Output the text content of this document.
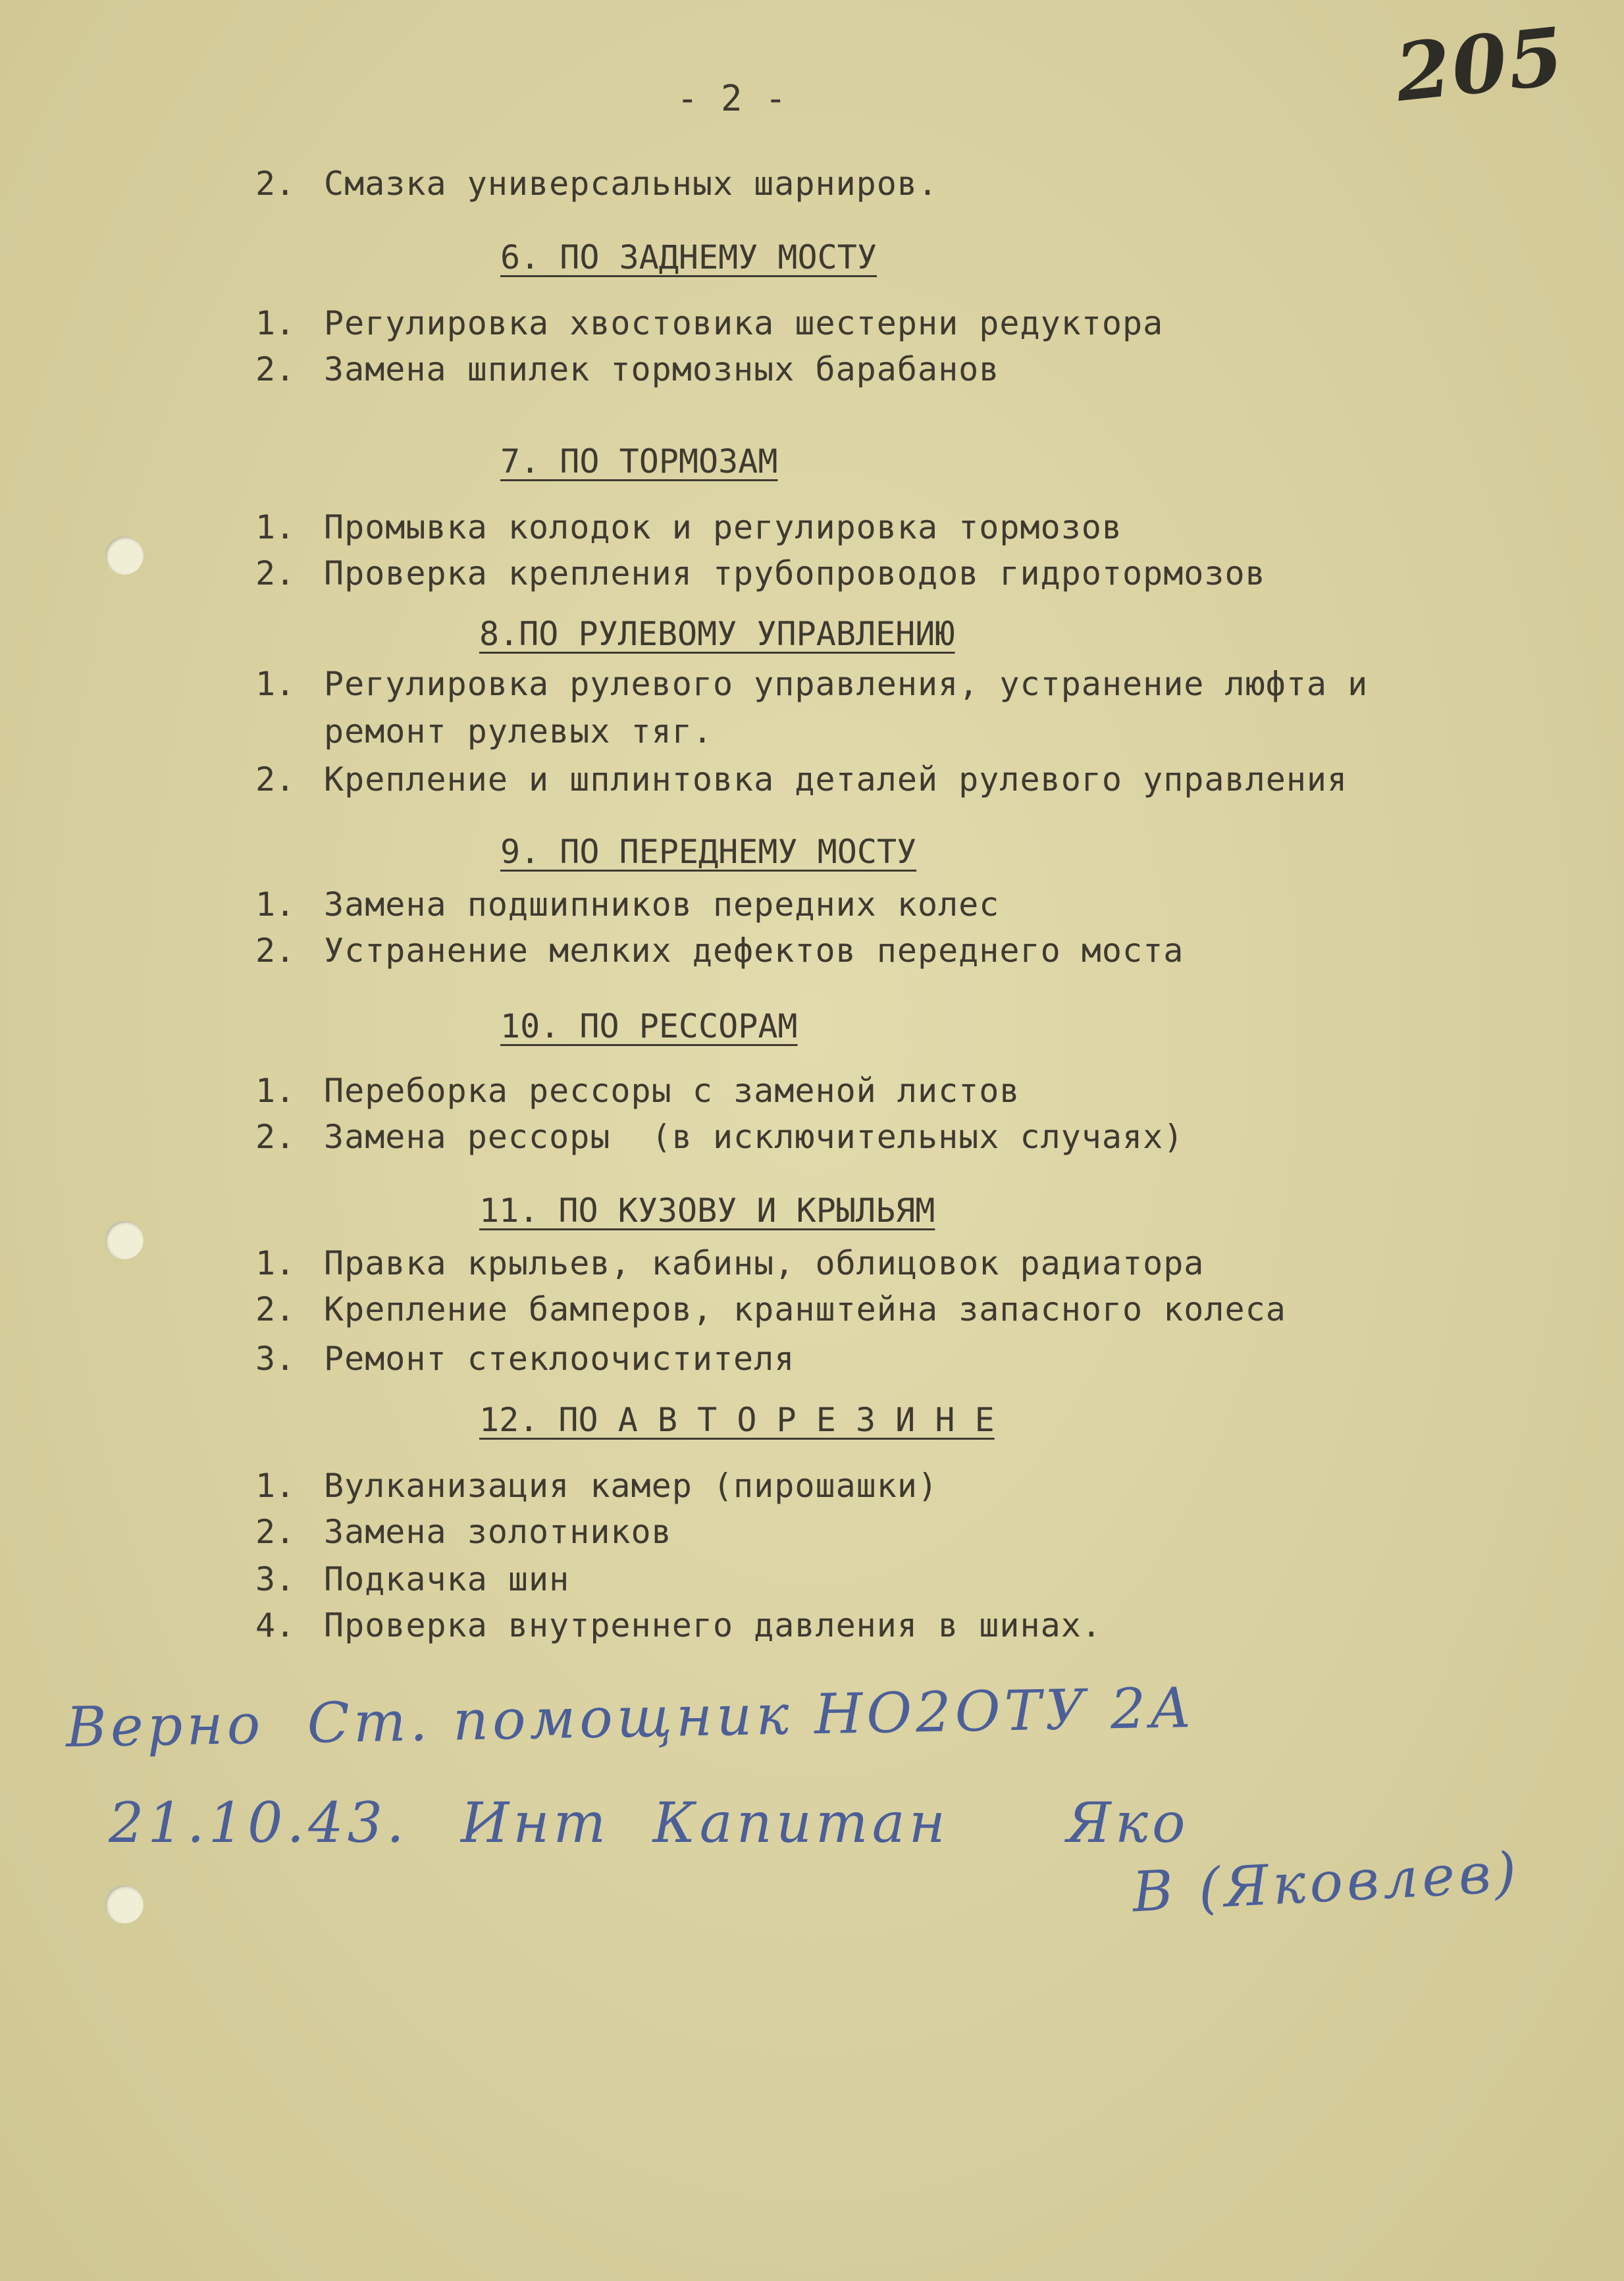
- 2 -	205
2. Смазка универсальных шарниров.
6. ПО ЗАДНЕМУ МОСТУ
1. Регулировка хвостовика шестерни редуктора
2. Замена шпилек тормозных барабанов
7. ПО ТОРМОЗАМ
1. Промывка колодок и регулировка тормозов
2. Проверка крепления трубопроводов гидротормозов
8.ПО РУЛЕВОМУ УПРАВЛЕНИЮ
1. Регулировка рулевого управления, устранение люфта и
ремонт рулевых тяг.
2. Крепление и шплинтовка деталей рулевого управления
9. ПО ПЕРЕДНЕМУ МОСТУ
1. Замена подшипников передних колес
2. Устранение мелких дефектов переднего моста
10. ПО РЕССОРАМ
1. Переборка рессоры с заменой листов
2. Замена рессоры  (в исключительных случаях)
11. ПО КУЗОВУ И КРЫЛЬЯМ
1. Правка крыльев, кабины, облицовок радиатора
2. Крепление бамперов, кранштейна запасного колеса
3. Ремонт стеклоочистителя
12. ПО А В Т О Р Е З И Н Е
1. Вулканизация камер (пирошашки)
2. Замена золотников
3. Подкачка шин
4. Проверка внутреннего давления в шинах.
Верно  Ст. помощник НО2ОТУ 2А
21.10.43. Инт  Капитан Яко
В (Яковлев)
